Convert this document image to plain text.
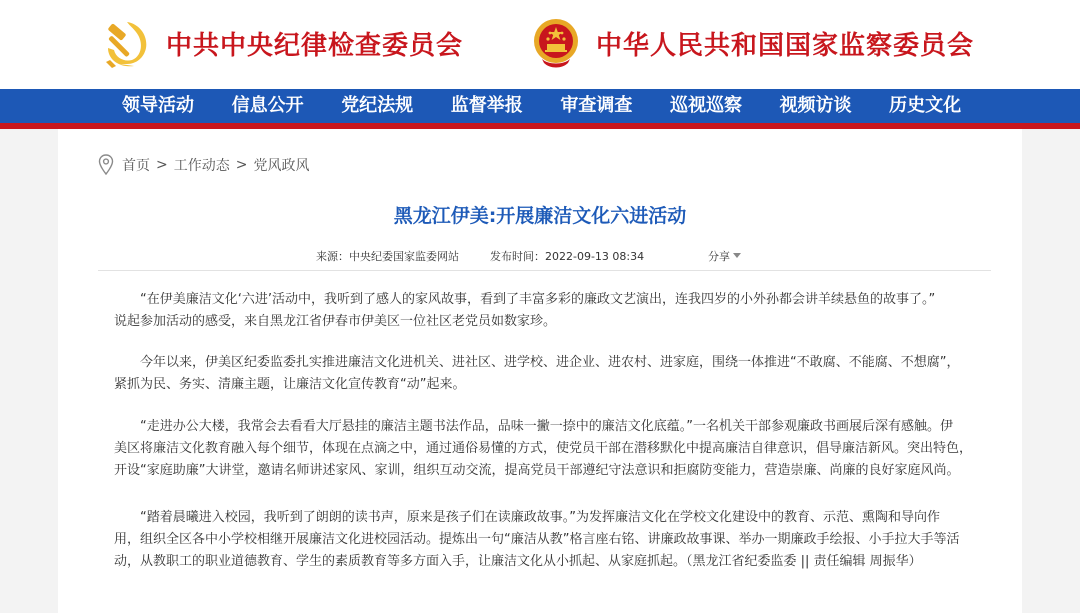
中共中央纪律检查委员会	中华人民共和国国家监察委员会
领导活动	信息公开	党纪法规	监督举报	审查调查	巡视巡察	视频访谈	历史文化
首页 > 工作动态 > 党风政风
黑龙江伊美:开展廉洁文化六进活动
来源：中央纪委国家监委网站	发布时间：2022-09-13 08:34	分享
“在伊美廉洁文化‘六进’活动中，我听到了感人的家风故事，看到了丰富多彩的廉政文艺演出，连我四岁的小外孙都会讲羊续悬鱼的故事了。”
说起参加活动的感受，来自黑龙江省伊春市伊美区一位社区老党员如数家珍。
今年以来，伊美区纪委监委扎实推进廉洁文化进机关、进社区、进学校、进企业、进农村、进家庭，围绕一体推进“不敢腐、不能腐、不想腐”，
紧抓为民、务实、清廉主题，让廉洁文化宣传教育“动”起来。
“走进办公大楼，我常会去看看大厅悬挂的廉洁主题书法作品，品味一撇一捺中的廉洁文化底蕴。”一名机关干部参观廉政书画展后深有感触。伊
美区将廉洁文化教育融入每个细节，体现在点滴之中，通过通俗易懂的方式，使党员干部在潜移默化中提高廉洁自律意识，倡导廉洁新风。突出特色，
开设“家庭助廉”大讲堂，邀请名师讲述家风、家训，组织互动交流，提高党员干部遵纪守法意识和拒腐防变能力，营造崇廉、尚廉的良好家庭风尚。
“踏着晨曦进入校园，我听到了朗朗的读书声，原来是孩子们在读廉政故事。”为发挥廉洁文化在学校文化建设中的教育、示范、熏陶和导向作
用，组织全区各中小学校相继开展廉洁文化进校园活动。提炼出一句“廉洁从教”格言座右铭、讲廉政故事课、举办一期廉政手绘报、小手拉大手等活
动，从教职工的职业道德教育、学生的素质教育等多方面入手，让廉洁文化从小抓起、从家庭抓起。（黑龙江省纪委监委 || 责任编辑 周振华）
